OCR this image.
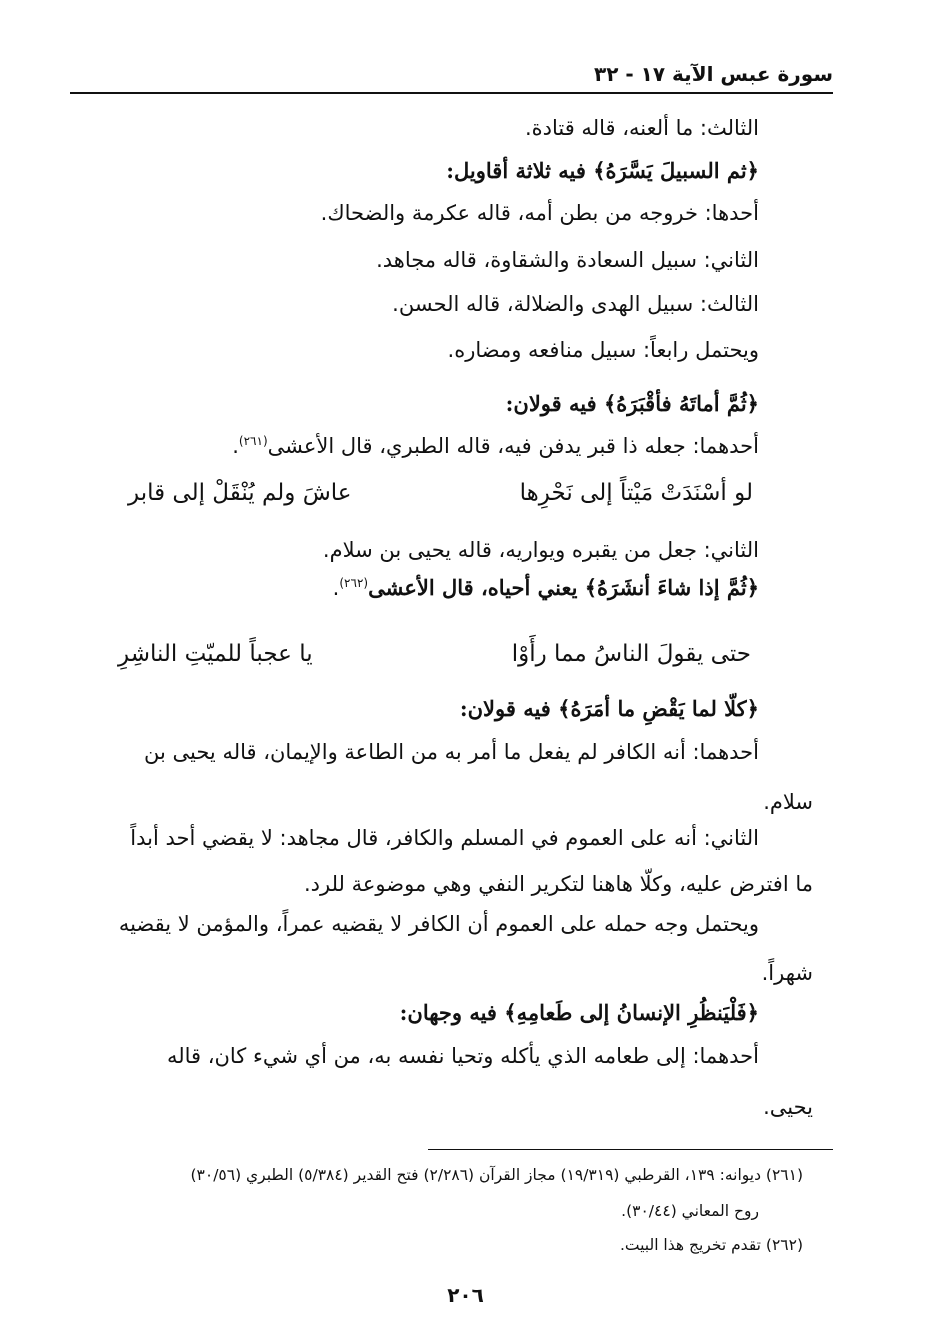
سورة عبس الآية ١٧ - ٣٢
الثالث: ما ألعنه، قاله قتادة.
﴿ثم السبيلَ يَسَّرَهُ﴾ فيه ثلاثة أقاويل:
أحدها: خروجه من بطن أمه، قاله عكرمة والضحاك.
الثاني: سبيل السعادة والشقاوة، قاله مجاهد.
الثالث: سبيل الهدى والضلالة، قاله الحسن.
ويحتمل رابعاً: سبيل منافعه ومضاره.
﴿ثُمَّ أماتَهُ فأقْبَرَهُ﴾ فيه قولان:
أحدهما: جعله ذا قبر يدفن فيه، قاله الطبري، قال الأعشى$^{(٢٦١)}$.
لو أسْنَدَتْ مَيْتاً إلى نَحْرِها
عاشَ ولم يُنْقَلْ إلى قابر
الثاني: جعل من يقبره ويواريه، قاله يحيى بن سلام.
﴿ثُمَّ إذا شاءَ أنشَرَهُ﴾ يعني أحياه، قال الأعشى$^{(٢٦٢)}$.
حتى يقولَ الناسُ مما رأَوْا
يا عجباً للميّتِ الناشِرِ
﴿كلّا لما يَقْضِ ما أمَرَهُ﴾ فيه قولان:
أحدهما: أنه الكافر لم يفعل ما أمر به من الطاعة والإيمان، قاله يحيى بن
سلام.
الثاني: أنه على العموم في المسلم والكافر، قال مجاهد: لا يقضي أحد أبداً
ما افترض عليه، وكلّا هاهنا لتكرير النفي وهي موضوعة للرد.
ويحتمل وجه حمله على العموم أن الكافر لا يقضيه عمراً، والمؤمن لا يقضيه
شهراً.
﴿فَلْيَنظُرِ الإنسانُ إلى طَعامِهِ﴾ فيه وجهان:
أحدهما: إلى طعامه الذي يأكله وتحيا نفسه به، من أي شيء كان، قاله
يحيى.
(٢٦١) ديوانه: ١٣٩، القرطبي (١٩/٣١٩) مجاز القرآن (٢/٢٨٦) فتح القدير (٥/٣٨٤) الطبري (٣٠/٥٦)
روح المعاني (٣٠/٤٤).
(٢٦٢) تقدم تخريج هذا البيت.
٢٠٦
